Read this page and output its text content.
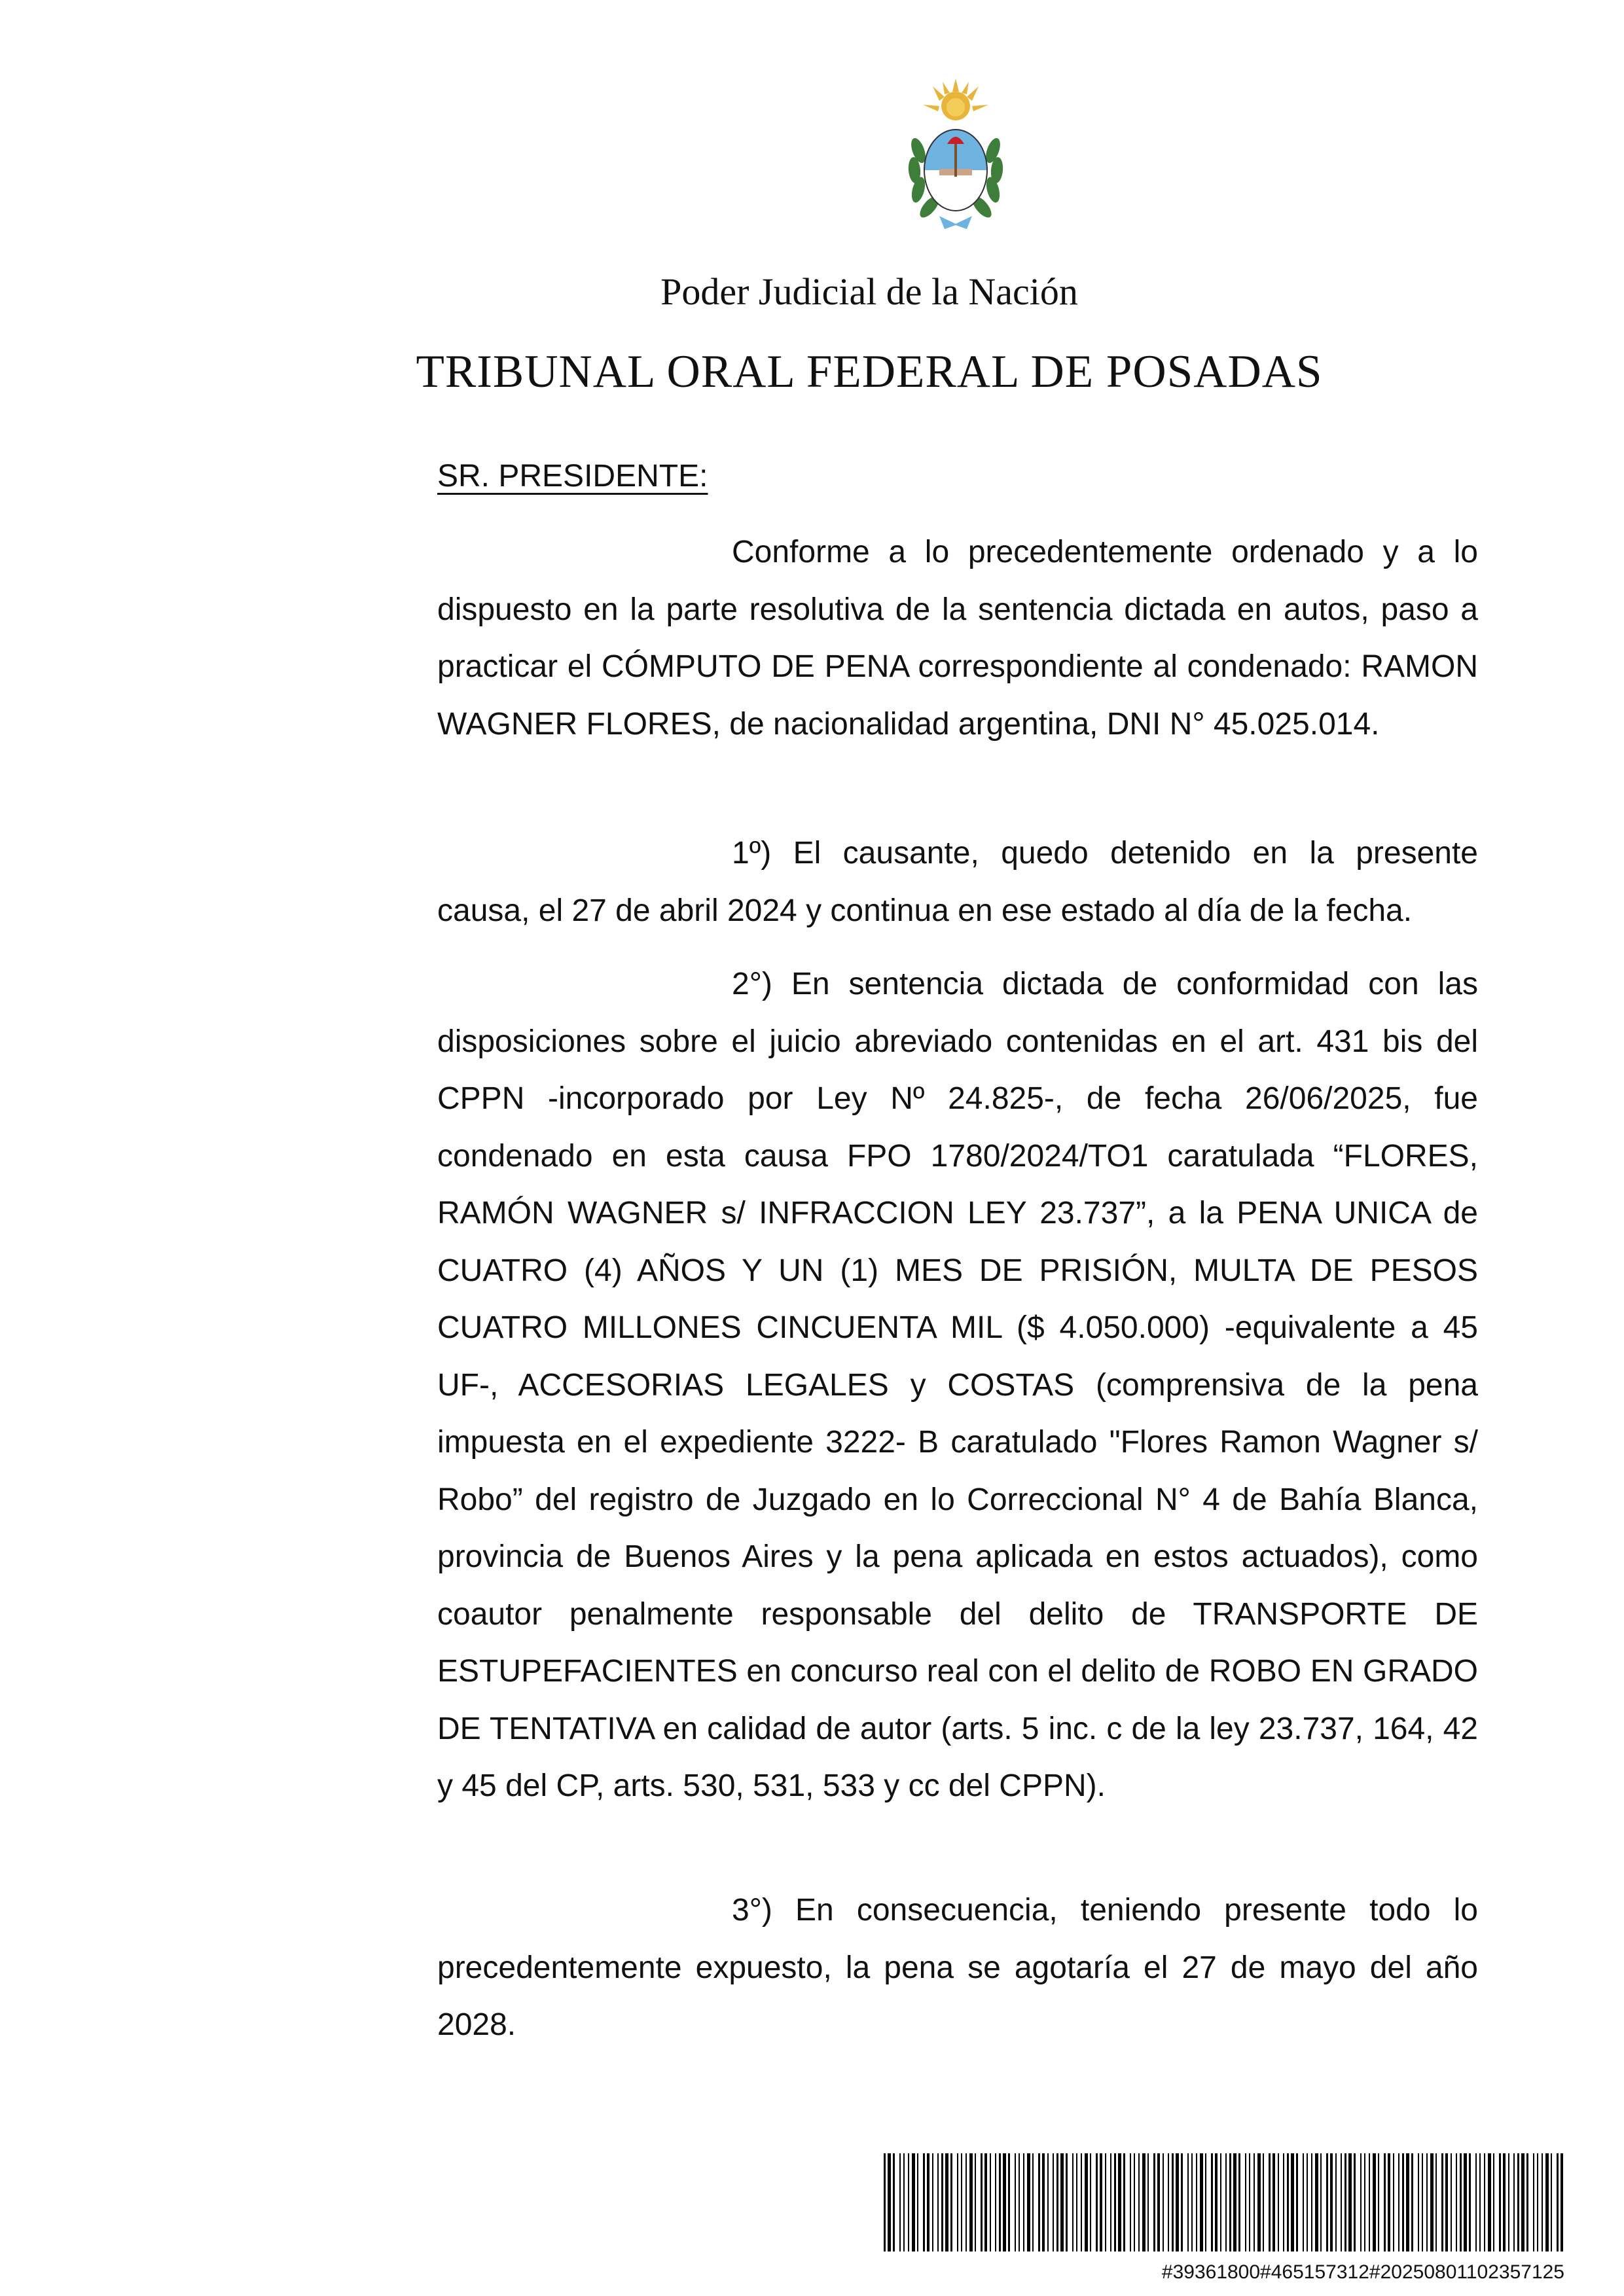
Poder Judicial de la Nación
TRIBUNAL ORAL FEDERAL DE POSADAS
SR. PRESIDENTE:

Conforme a lo precedentemente ordenado y a lo dispuesto en la parte resolutiva de la sentencia dictada en autos, paso a practicar el CÓMPUTO DE PENA correspondiente al condenado: RAMON WAGNER FLORES, de nacionalidad argentina, DNI N° 45.025.014.

1º) El causante, quedo detenido en la presente causa, el 27 de abril 2024 y continua en ese estado al día de la fecha.

2°) En sentencia dictada de conformidad con las disposiciones sobre el juicio abreviado contenidas en el art. 431 bis del CPPN -incorporado por Ley Nº 24.825-, de fecha 26/06/2025, fue condenado en esta causa FPO 1780/2024/TO1 caratulada “FLORES, RAMÓN WAGNER s/ INFRACCION LEY 23.737”, a la PENA UNICA de CUATRO (4) AÑOS Y UN (1) MES DE PRISIÓN, MULTA DE PESOS CUATRO MILLONES CINCUENTA MIL ($ 4.050.000) -equivalente a 45 UF-, ACCESORIAS LEGALES y COSTAS (comprensiva de la pena impuesta en el expediente 3222- B caratulado "Flores Ramon Wagner s/ Robo” del registro de Juzgado en lo Correccional N° 4 de Bahía Blanca, provincia de Buenos Aires y la pena aplicada en estos actuados), como coautor penalmente responsable del delito de TRANSPORTE DE ESTUPEFACIENTES en concurso real con el delito de ROBO EN GRADO DE TENTATIVA en calidad de autor (arts. 5 inc. c de la ley 23.737, 164, 42 y 45 del CP, arts. 530, 531, 533 y cc del CPPN).

3°) En consecuencia, teniendo presente todo lo precedentemente expuesto, la pena se agotaría el 27 de mayo del año 2028.

#39361800#465157312#20250801102357125
